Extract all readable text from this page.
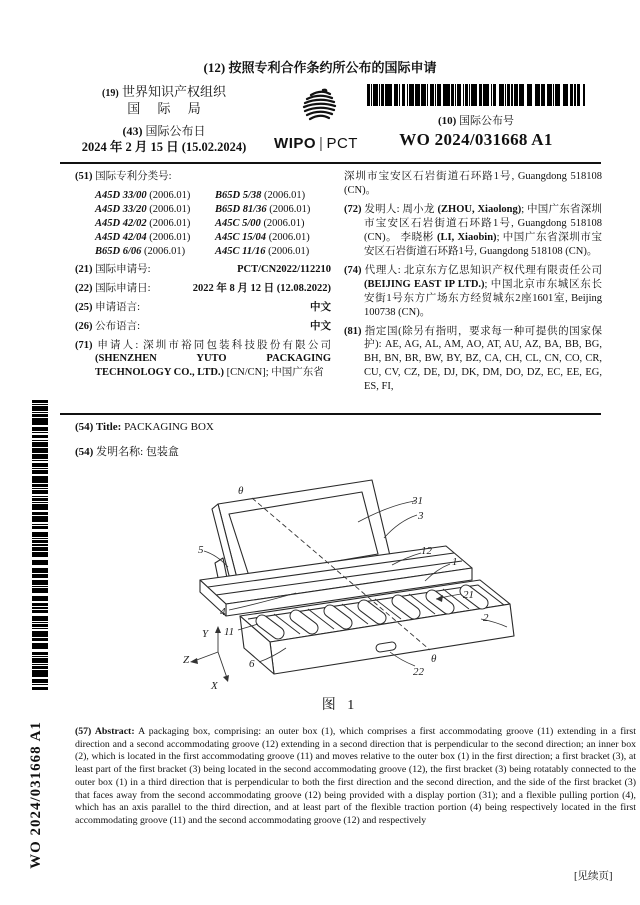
(12) 按照专利合作条约所公布的国际申请
(19) 世界知识产权组织
国 际 局
(43) 国际公布日
2024 年 2 月 15 日 (15.02.2024)	WIPO | PCT
(10) 国际公布号
WO 2024/031668 A1
(51) 国际专利分类号:
A45D 33/00 (2006.01)	B65D 5/38 (2006.01)
A45D 33/20 (2006.01)	B65D 81/36 (2006.01)
A45D 42/02 (2006.01)	A45C 5/00 (2006.01)
A45D 42/04 (2006.01)	A45C 15/04 (2006.01)
B65D 6/06 (2006.01)	A45C 11/16 (2006.01)
(21) 国际申请号:	PCT/CN2022/112210
(22) 国际申请日:	2022 年 8 月 12 日 (12.08.2022)
(25) 申请语言:	中文
(26) 公布语言:	中文
(71) 申请人: 深圳市裕同包装科技股份有限公司 (SHENZHEN YUTO PACKAGING TECHNOLOGY CO., LTD.) [CN/CN]; 中国广东省
深圳市宝安区石岩街道石环路1号, Guangdong 518108 (CN)。
(72) 发明人: 周小龙 (ZHOU, Xiaolong); 中国广东省深圳市宝安区石岩街道石环路1号, Guangdong 518108 (CN)。 李晓彬 (LI, Xiaobin); 中国广东省深圳市宝安区石岩街道石环路1号, Guangdong 518108 (CN)。
(74) 代理人: 北京东方亿思知识产权代理有限责任公司 (BEIJING EAST IP LTD.); 中国北京市东城区东长安街1号东方广场东方经贸城东2座1601室, Beijing 100738 (CN)。
(81) 指定国(除另有指明，要求每一种可提供的国家保护): AE, AG, AL, AM, AO, AT, AU, AZ, BA, BB, BG, BH, BN, BR, BW, BY, BZ, CA, CH, CL, CN, CO, CR, CU, CV, CZ, DE, DJ, DK, DM, DO, DZ, EC, EE, EG, ES, FI,
(54) Title: PACKAGING BOX
(54) 发明名称: 包装盒
WO 2024/031668 A1
31
3
12
1
21
2
22
θ
θ
5
4
11
6
X
Y
Z
图 1
(57) Abstract: A packaging box, comprising: an outer box (1), which comprises a first accommodating groove (11) extending in a first direction and a second accommodating groove (12) extending in a second direction that is perpendicular to the second direction; an inner box (2), which is located in the first accommodating groove (11) and moves relative to the outer box (1) in the first direction; a first bracket (3), at least part of the first bracket (3) being located in the second accommodating groove (12), the first bracket (3) being rotatably connected to the outer box (1) in a third direction that is perpendicular to both the first direction and the second direction, and the side of the first bracket (3) that faces away from the second accommodating groove (12) being provided with a display portion (31); and a flexible pulling portion (4), which has an axis parallel to the third direction, and at least part of the flexible traction portion (4) being respectively located in the first accommodating groove (11) and the second accommodating groove (12) and respectively
[见续页]
